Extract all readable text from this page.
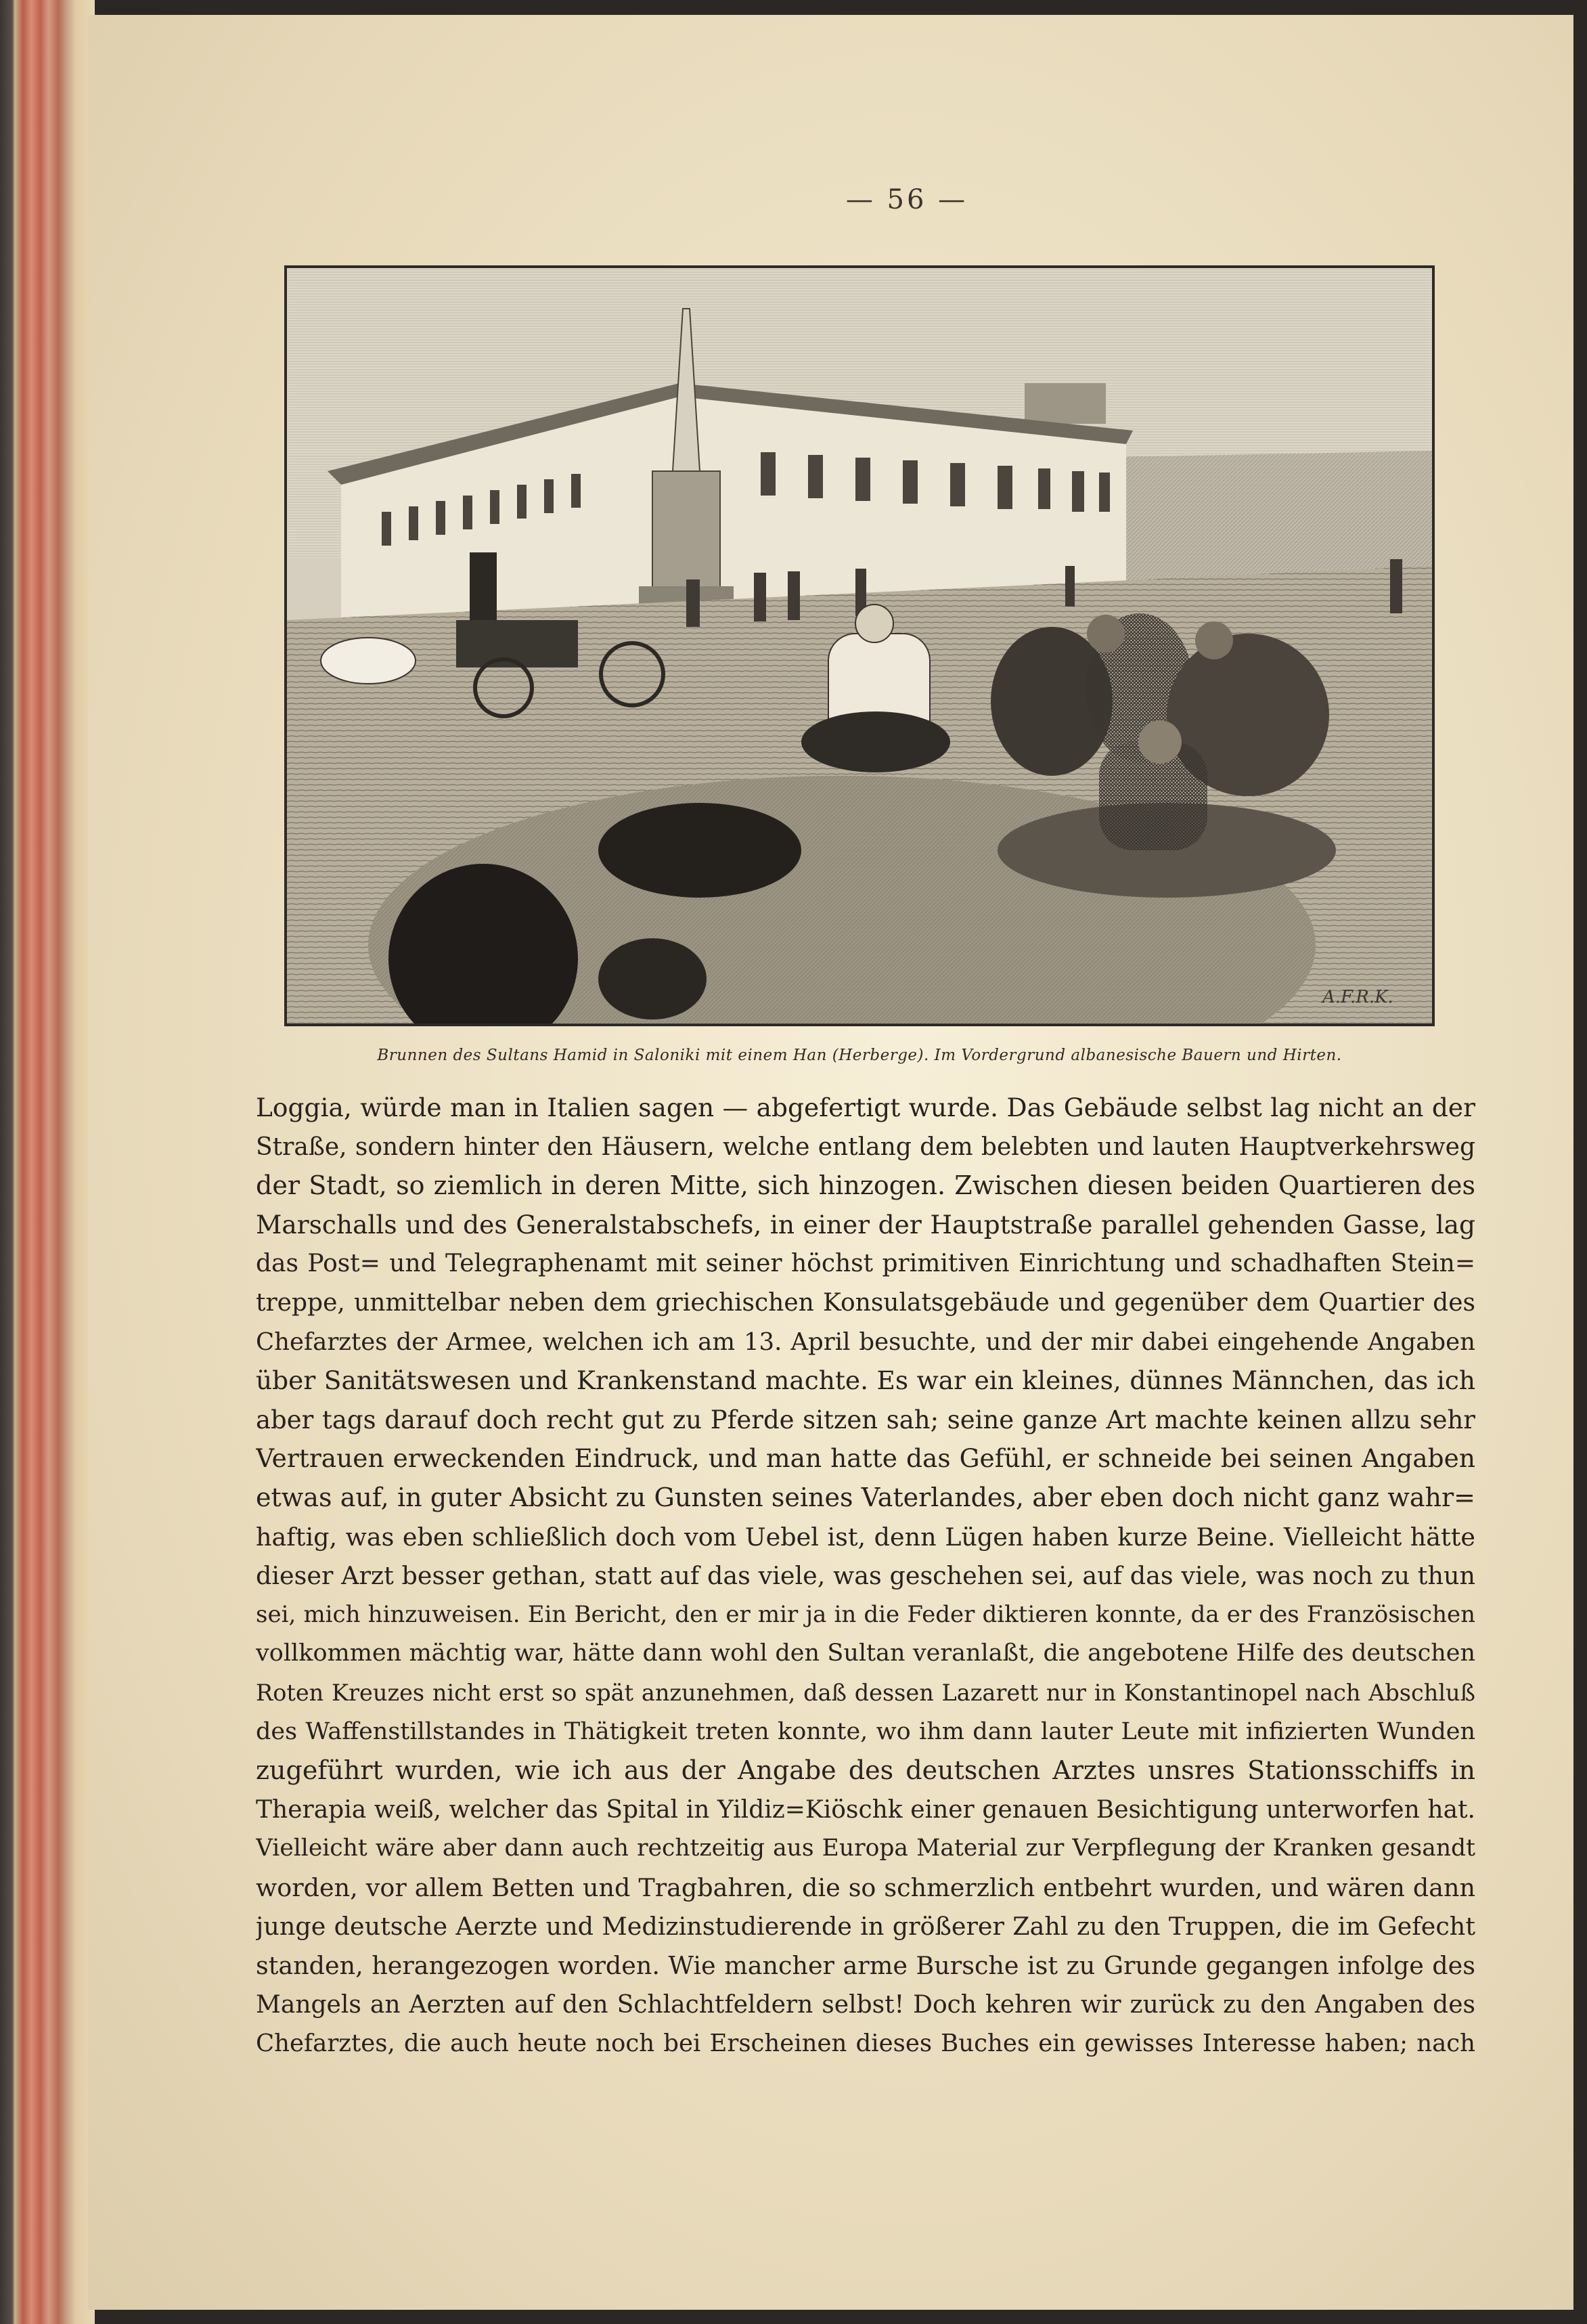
— 56 —
A.F.R.K.
Brunnen des Sultans Hamid in Saloniki mit einem Han (Herberge). Im Vordergrund albanesische Bauern und Hirten.
Loggia, würde man in Italien sagen — abgefertigt wurde. Das Gebäude selbst lag nicht an der
Straße, sondern hinter den Häusern, welche entlang dem belebten und lauten Hauptverkehrsweg
der Stadt, so ziemlich in deren Mitte, sich hinzogen. Zwischen diesen beiden Quartieren des
Marschalls und des Generalstabschefs, in einer der Hauptstraße parallel gehenden Gasse, lag
das Post= und Telegraphenamt mit seiner höchst primitiven Einrichtung und schadhaften Stein=
treppe, unmittelbar neben dem griechischen Konsulatsgebäude und gegenüber dem Quartier des
Chefarztes der Armee, welchen ich am 13. April besuchte, und der mir dabei eingehende Angaben
über Sanitätswesen und Krankenstand machte. Es war ein kleines, dünnes Männchen, das ich
aber tags darauf doch recht gut zu Pferde sitzen sah; seine ganze Art machte keinen allzu sehr
Vertrauen erweckenden Eindruck, und man hatte das Gefühl, er schneide bei seinen Angaben
etwas auf, in guter Absicht zu Gunsten seines Vaterlandes, aber eben doch nicht ganz wahr=
haftig, was eben schließlich doch vom Uebel ist, denn Lügen haben kurze Beine. Vielleicht hätte
dieser Arzt besser gethan, statt auf das viele, was geschehen sei, auf das viele, was noch zu thun
sei, mich hinzuweisen. Ein Bericht, den er mir ja in die Feder diktieren konnte, da er des Französischen
vollkommen mächtig war, hätte dann wohl den Sultan veranlaßt, die angebotene Hilfe des deutschen
Roten Kreuzes nicht erst so spät anzunehmen, daß dessen Lazarett nur in Konstantinopel nach Abschluß
des Waffenstillstandes in Thätigkeit treten konnte, wo ihm dann lauter Leute mit infizierten Wunden
zugeführt wurden, wie ich aus der Angabe des deutschen Arztes unsres Stationsschiffs in
Therapia weiß, welcher das Spital in Yildiz=Kiöschk einer genauen Besichtigung unterworfen hat.
Vielleicht wäre aber dann auch rechtzeitig aus Europa Material zur Verpflegung der Kranken gesandt
worden, vor allem Betten und Tragbahren, die so schmerzlich entbehrt wurden, und wären dann
junge deutsche Aerzte und Medizinstudierende in größerer Zahl zu den Truppen, die im Gefecht
standen, herangezogen worden. Wie mancher arme Bursche ist zu Grunde gegangen infolge des
Mangels an Aerzten auf den Schlachtfeldern selbst! Doch kehren wir zurück zu den Angaben des
Chefarztes, die auch heute noch bei Erscheinen dieses Buches ein gewisses Interesse haben; nach
